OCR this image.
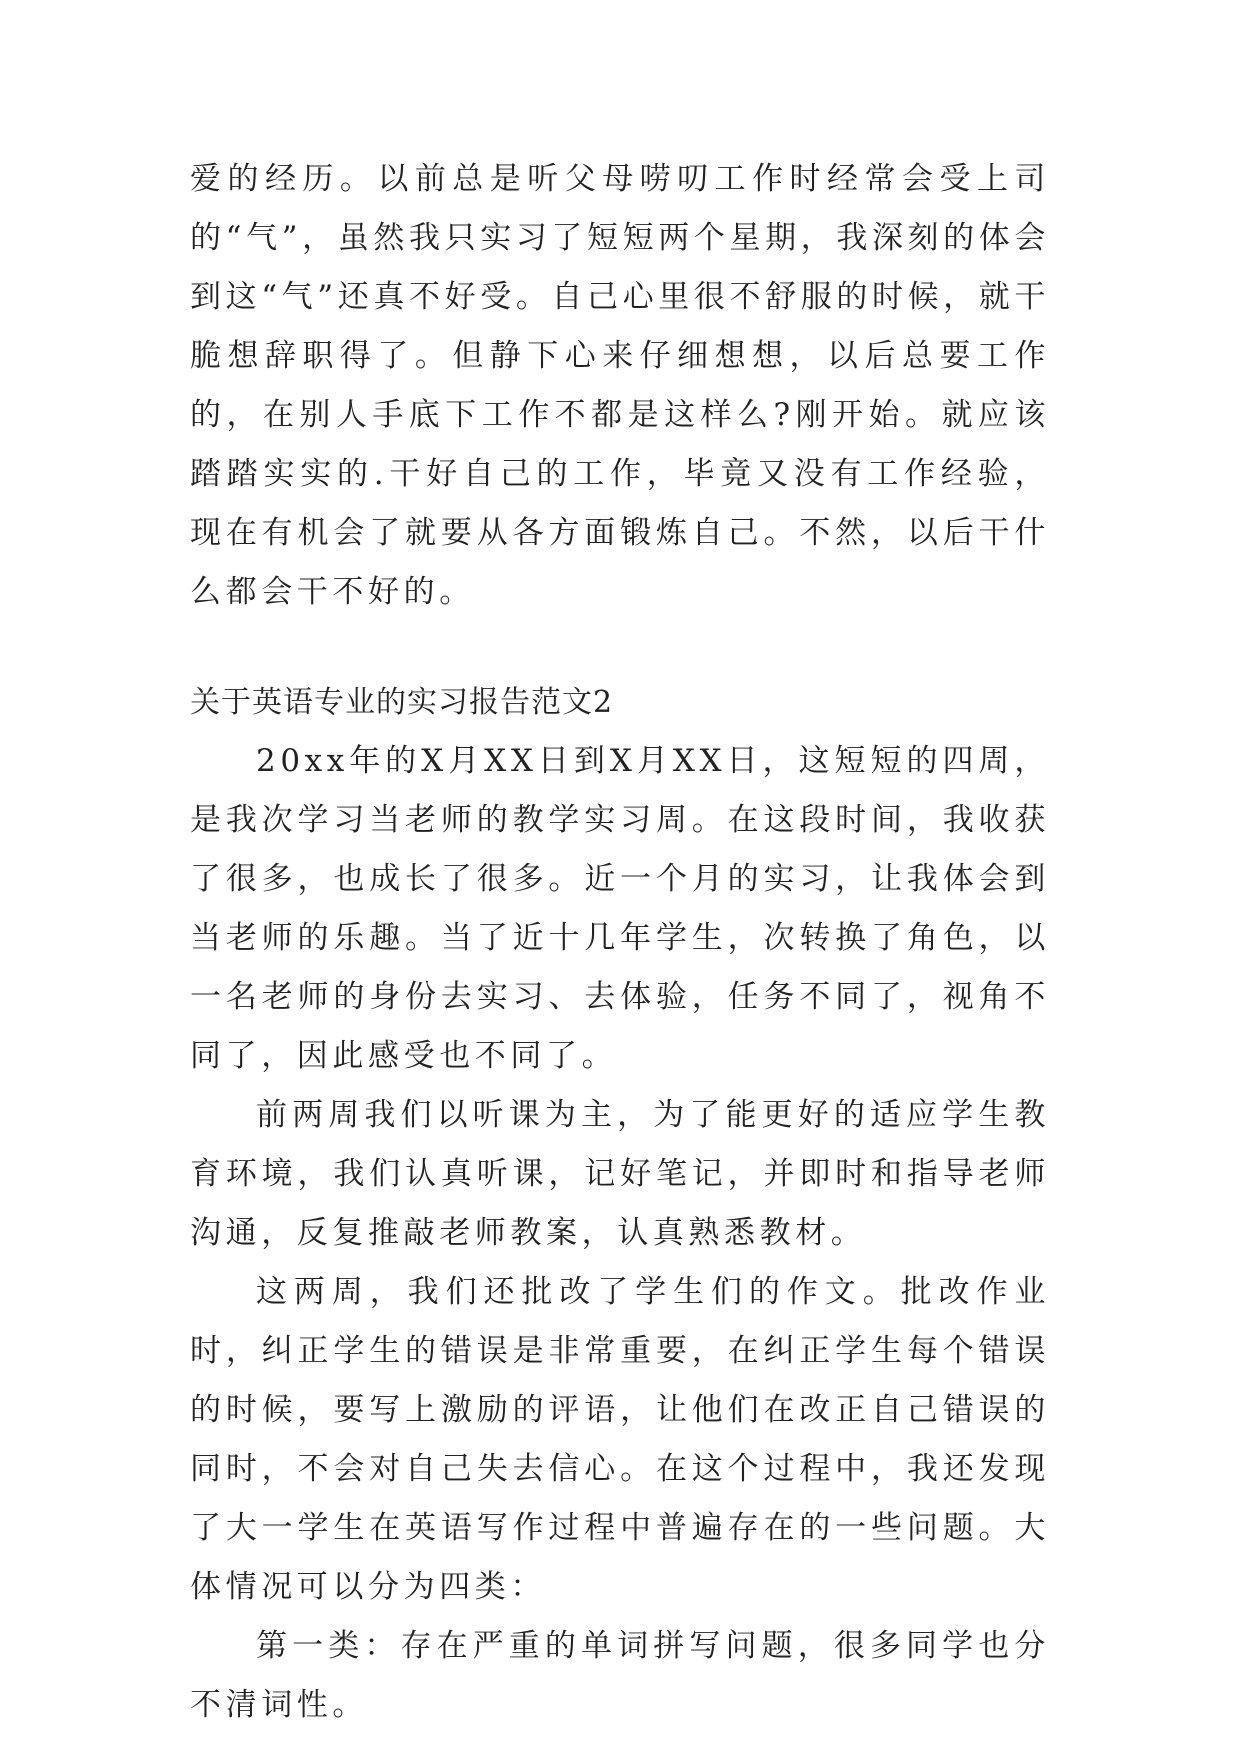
爱的经历。以前总是听父母唠叨工作时经常会受上司的“气”，虽然我只实习了短短两个星期，我深刻的体会到这“气”还真不好受。自己心里很不舒服的时候，就干脆想辞职得了。但静下心来仔细想想，以后总要工作的，在别人手底下工作不都是这样么?刚开始。就应该踏踏实实的.干好自己的工作，毕竟又没有工作经验，现在有机会了就要从各方面锻炼自己。不然，以后干什么都会干不好的。

关于英语专业的实习报告范文2

20xx年的X月XX日到X月XX日，这短短的四周，是我次学习当老师的教学实习周。在这段时间，我收获了很多，也成长了很多。近一个月的实习，让我体会到当老师的乐趣。当了近十几年学生，次转换了角色，以一名老师的身份去实习、去体验，任务不同了，视角不同了，因此感受也不同了。

前两周我们以听课为主，为了能更好的适应学生教育环境，我们认真听课，记好笔记，并即时和指导老师沟通，反复推敲老师教案，认真熟悉教材。

这两周，我们还批改了学生们的作文。批改作业时，纠正学生的错误是非常重要，在纠正学生每个错误的时候，要写上激励的评语，让他们在改正自己错误的同时，不会对自己失去信心。在这个过程中，我还发现了大一学生在英语写作过程中普遍存在的一些问题。大体情况可以分为四类：

第一类：存在严重的单词拼写问题，很多同学也分不清词性。
